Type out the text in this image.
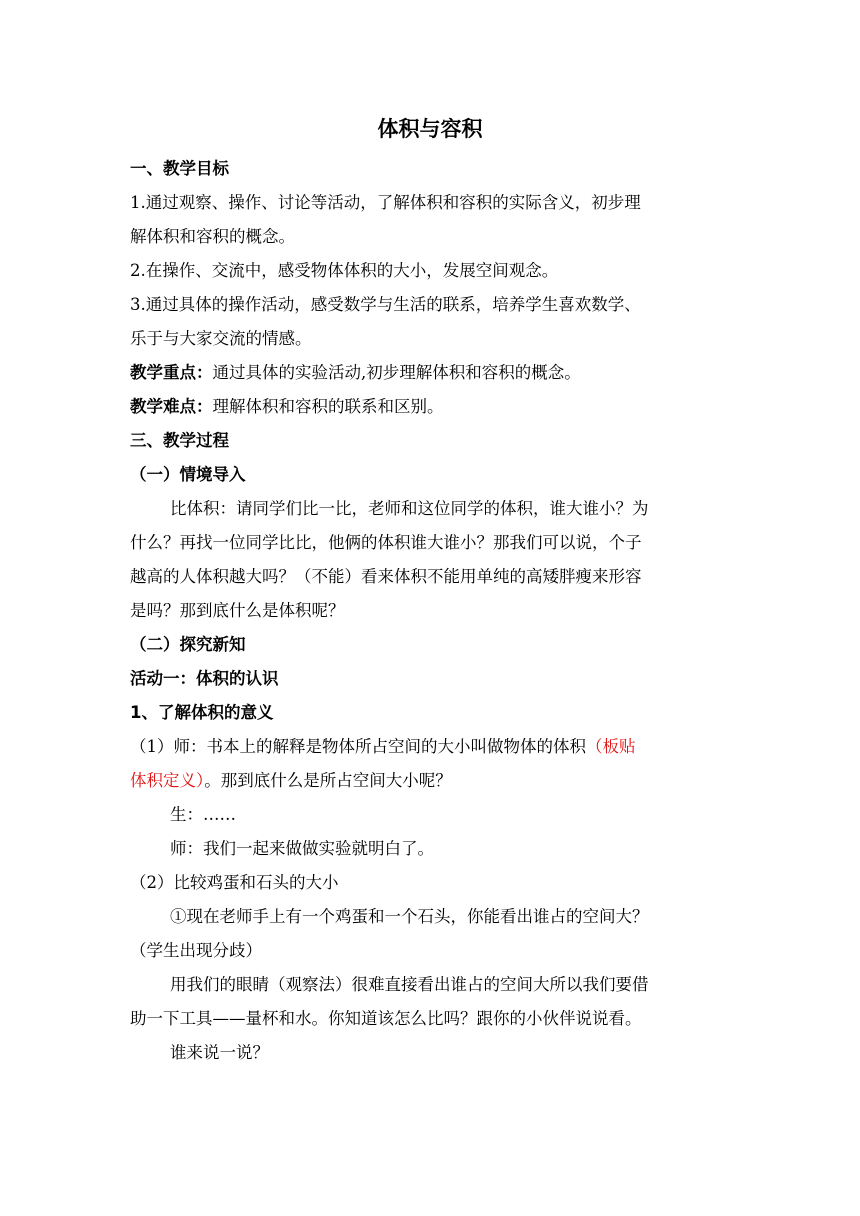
体积与容积
一、教学目标
1.通过观察、操作、讨论等活动，了解体积和容积的实际含义，初步理
解体积和容积的概念。
2.在操作、交流中，感受物体体积的大小，发展空间观念。
3.通过具体的操作活动，感受数学与生活的联系，培养学生喜欢数学、
乐于与大家交流的情感。
教学重点：通过具体的实验活动,初步理解体积和容积的概念。
教学难点：理解体积和容积的联系和区别。
三、教学过程
（一）情境导入
比体积：请同学们比一比，老师和这位同学的体积，谁大谁小？为
什么？再找一位同学比比，他俩的体积谁大谁小？那我们可以说，个子
越高的人体积越大吗？（不能）看来体积不能用单纯的高矮胖瘦来形容
是吗？那到底什么是体积呢？
（二）探究新知
活动一：体积的认识
1、了解体积的意义
（1）师：书本上的解释是物体所占空间的大小叫做物体的体积（板贴
体积定义）。那到底什么是所占空间大小呢？
生：……
师：我们一起来做做实验就明白了。
（2）比较鸡蛋和石头的大小
①现在老师手上有一个鸡蛋和一个石头，你能看出谁占的空间大？
（学生出现分歧）
用我们的眼睛（观察法）很难直接看出谁占的空间大所以我们要借
助一下工具——量杯和水。你知道该怎么比吗？跟你的小伙伴说说看。
谁来说一说？
